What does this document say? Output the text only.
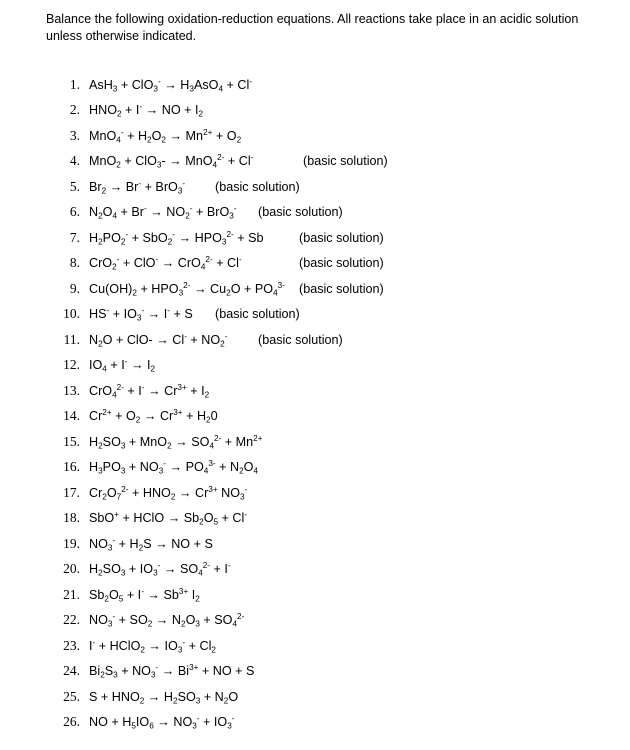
Balance the following oxidation-reduction equations. All reactions take place in an acidic solution unless otherwise indicated.

1. $AsH_3 + ClO_3^- \to H_3AsO_4 + Cl^-$
2. $HNO_2 + I^-$ → NO + $I_2$
3. $MnO_4^- + H_2O_2 \to Mn^{2+} + O_2$
4. MnO$_2$ + ClO$_3$- → MnO$_4^{2-}$ + Cl-	(basic solution)
5. $Br_2 \to Br^- + BrO_3^-$ (basic solution)
6. $N_2O_4 + Br^- \to NO_2^- + BrO_3^-$ (basic solution)
7. $H_2PO_2^- + SbO_2^- \to HPO_3^{2-} + Sb$	(basic solution)
8. CrO$_2$- + ClO- → CrO$_4^{2-}$ + Cl-	(basic solution)
9. $Cu(OH)_2 + HPO_3^{2-} \to Cu_2O + PO_4^{3-}$ (basic solution)
10. $HS^- + IO_3^- \to I^- + S$ (basic solution)
11. $N_2O + ClO- \to Cl^- + NO_2^-$ (basic solution)
12. $IO_4 + I^- \to I_2$
13. $CrO_4^{2-} + I^- \to Cr^{3+} + I_2$
14. $Cr^{2+} + O_2 \to Cr^{3+} + H_20$
15. $H_2SO_3 + MnO_2 \to SO_4^{2-} + Mn^{2+}$
16. $H_3PO_3 + NO_3^- \to PO_4^{3-} + N_2O_4$
17. $Cr_2O_7^{2-} + HNO_2 \to Cr^{3+}$ $NO_3^-$
18. SbO+ + HClO → $Sb_2O_5 + Cl^-$
19. $NO_3^- + H_2S$ → NO + S
20. $H_2SO_3 + IO_3^- \to SO_4^{2-} + I^-$
21. $Sb_2O_5 + I^- \to Sb^{3+}$ $I_2$
22. $NO_3^- + SO_2 \to N_2O_3 + SO_4^{2-}$
23. I- + HClO$_2$ → $IO_3^- + Cl_2$
24. $Bi_2S_3 + NO_3^- \to Bi^{3+}$ + NO + S
25. $S + HNO_2 \to H_2SO_3 + N_2O$
26. NO + $H_5IO_6 \to NO_3^- + IO_3^-$
